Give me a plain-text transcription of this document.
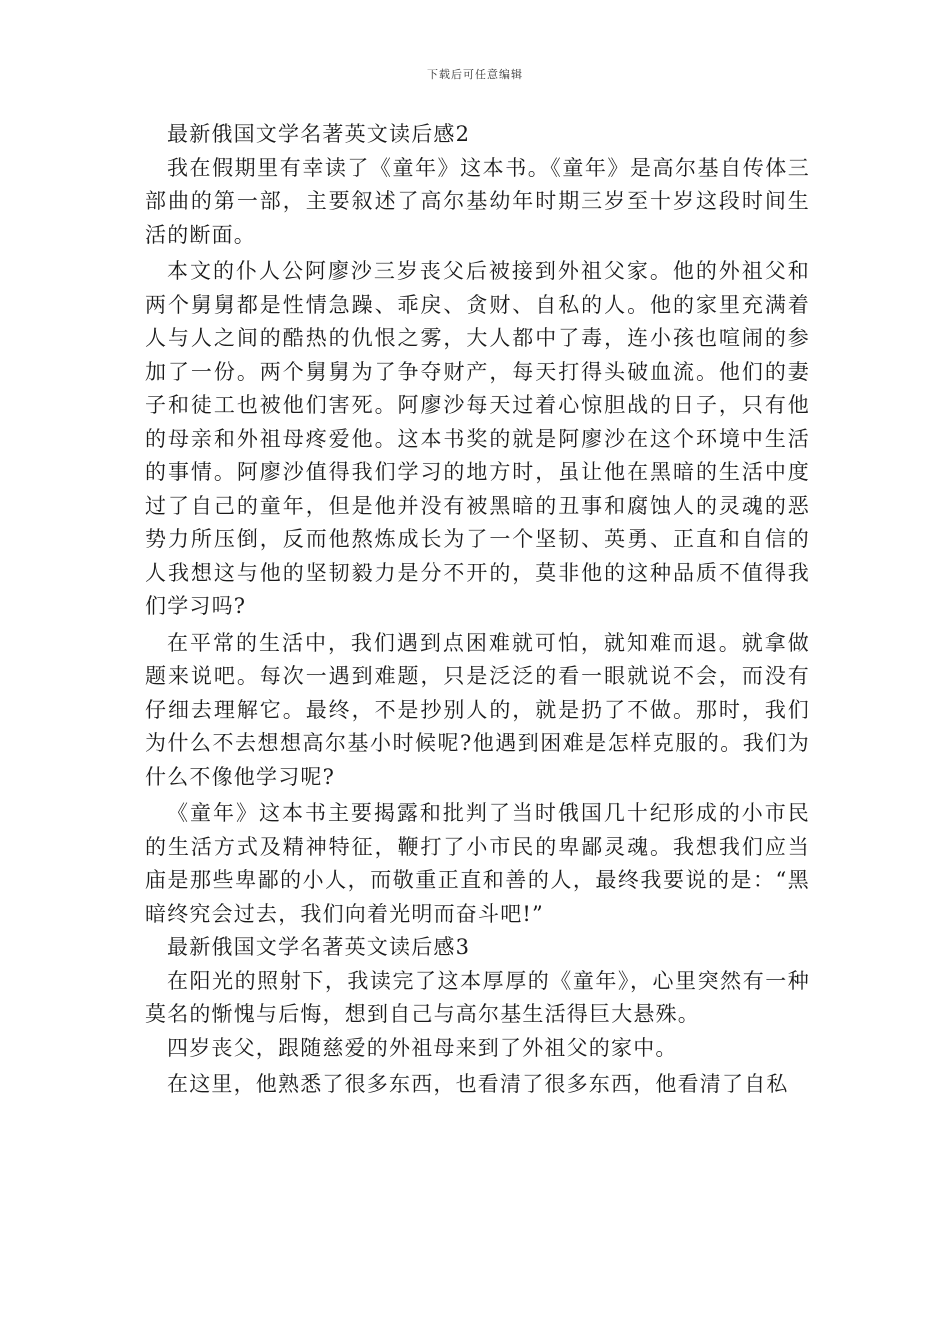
下载后可任意编辑

最新俄国文学名著英文读后感2

我在假期里有幸读了《童年》这本书。《童年》是高尔基自传体三部曲的第一部，主要叙述了高尔基幼年时期三岁至十岁这段时间生活的断面。

本文的仆人公阿廖沙三岁丧父后被接到外祖父家。他的外祖父和两个舅舅都是性情急躁、乖戾、贪财、自私的人。他的家里充满着人与人之间的酷热的仇恨之雾，大人都中了毒，连小孩也喧闹的参加了一份。两个舅舅为了争夺财产，每天打得头破血流。他们的妻子和徒工也被他们害死。阿廖沙每天过着心惊胆战的日子，只有他的母亲和外祖母疼爱他。这本书奖的就是阿廖沙在这个环境中生活的事情。阿廖沙值得我们学习的地方时，虽让他在黑暗的生活中度过了自己的童年，但是他并没有被黑暗的丑事和腐蚀人的灵魂的恶势力所压倒，反而他熬炼成长为了一个坚韧、英勇、正直和自信的人我想这与他的坚韧毅力是分不开的，莫非他的这种品质不值得我们学习吗?

在平常的生活中，我们遇到点困难就可怕，就知难而退。就拿做题来说吧。每次一遇到难题，只是泛泛的看一眼就说不会，而没有仔细去理解它。最终，不是抄别人的，就是扔了不做。那时，我们为什么不去想想高尔基小时候呢?他遇到困难是怎样克服的。我们为什么不像他学习呢?

《童年》这本书主要揭露和批判了当时俄国几十纪形成的小市民的生活方式及精神特征，鞭打了小市民的卑鄙灵魂。我想我们应当庙是那些卑鄙的小人，而敬重正直和善的人，最终我要说的是：“黑暗终究会过去，我们向着光明而奋斗吧!”

最新俄国文学名著英文读后感3

在阳光的照射下，我读完了这本厚厚的《童年》，心里突然有一种莫名的惭愧与后悔，想到自己与高尔基生活得巨大悬殊。

四岁丧父，跟随慈爱的外祖母来到了外祖父的家中。

在这里，他熟悉了很多东西，也看清了很多东西，他看清了自私
